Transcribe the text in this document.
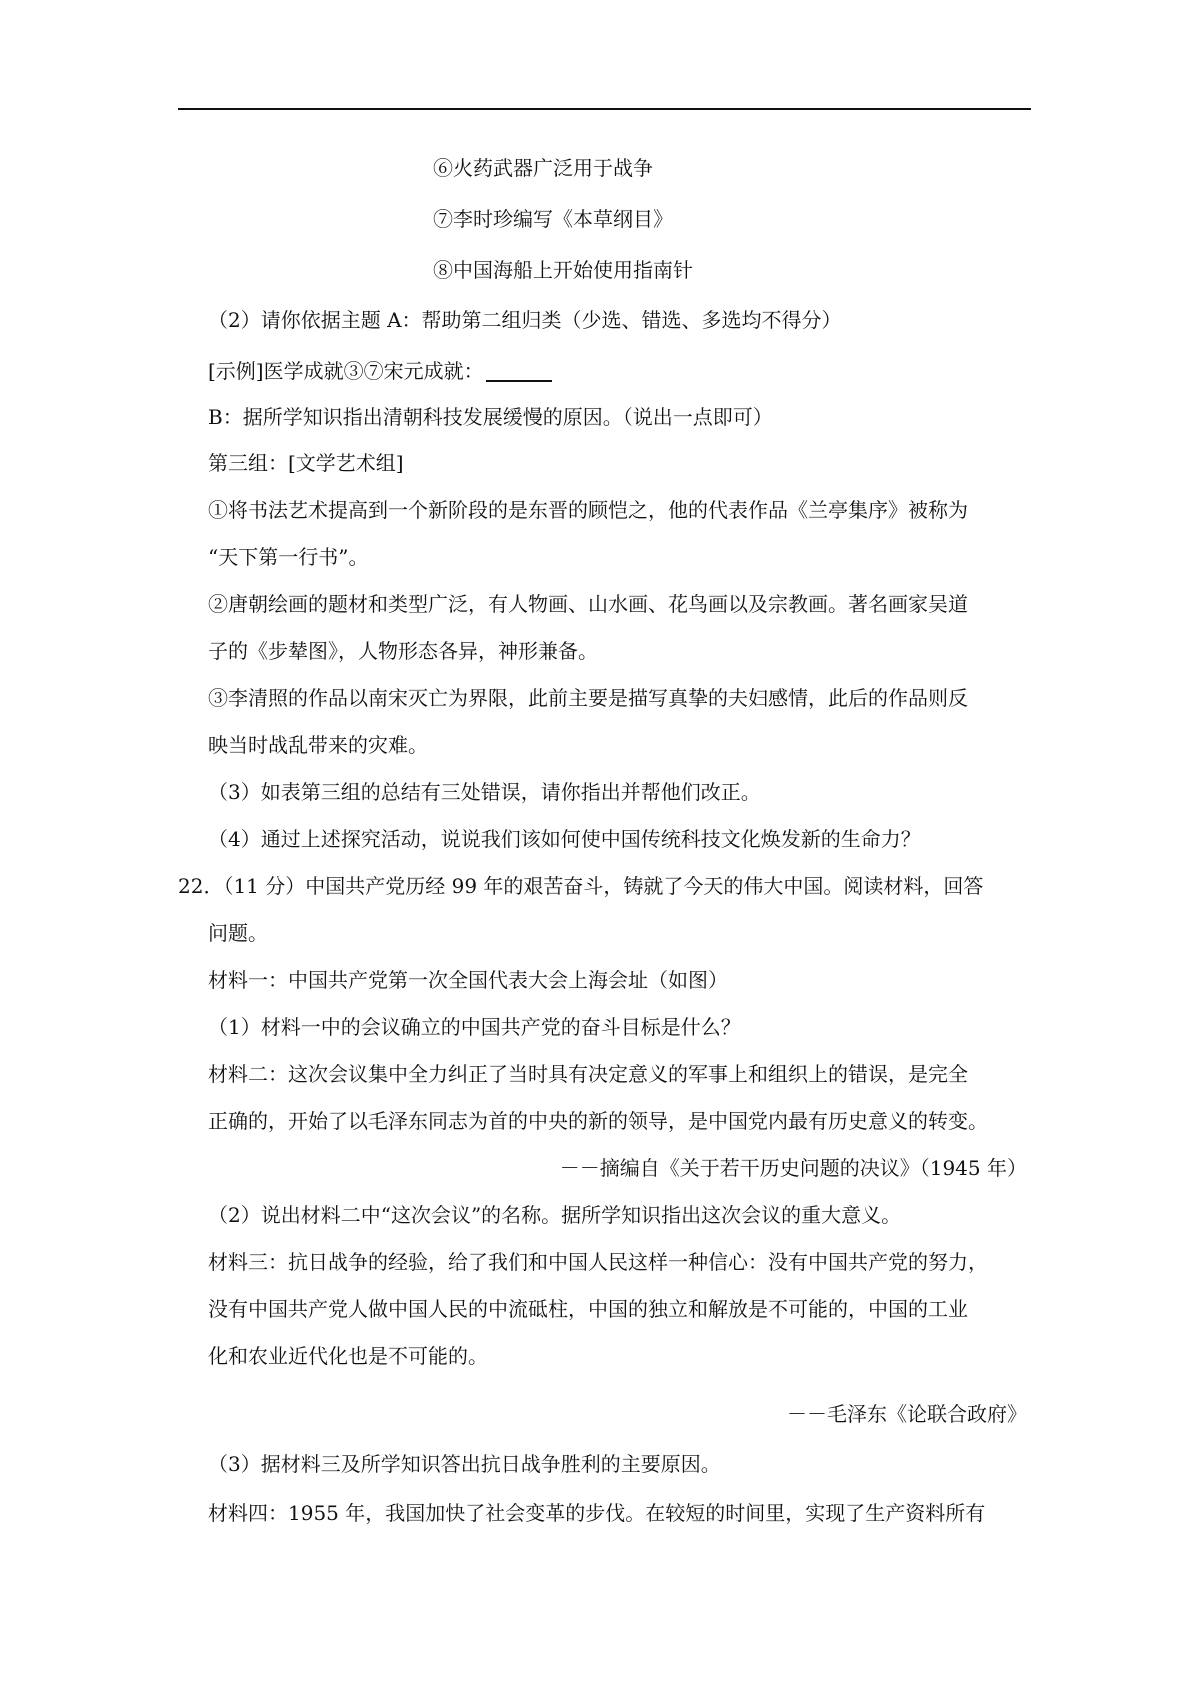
⑥火药武器广泛用于战争
⑦李时珍编写《本草纲目》
⑧中国海船上开始使用指南针
（2）请你依据主题 A：帮助第二组归类（少选、错选、多选均不得分）
[示例]医学成就③⑦宋元成就：
B：据所学知识指出清朝科技发展缓慢的原因。（说出一点即可）
第三组：[文学艺术组]
①将书法艺术提高到一个新阶段的是东晋的顾恺之，他的代表作品《兰亭集序》被称为
“天下第一行书”。
②唐朝绘画的题材和类型广泛，有人物画、山水画、花鸟画以及宗教画。著名画家吴道
子的《步辇图》，人物形态各异，神形兼备。
③李清照的作品以南宋灭亡为界限，此前主要是描写真挚的夫妇感情，此后的作品则反
映当时战乱带来的灾难。
（3）如表第三组的总结有三处错误，请你指出并帮他们改正。
（4）通过上述探究活动，说说我们该如何使中国传统科技文化焕发新的生命力？
22．（11 分）中国共产党历经 99 年的艰苦奋斗，铸就了今天的伟大中国。阅读材料，回答
问题。
材料一：中国共产党第一次全国代表大会上海会址（如图）
（1）材料一中的会议确立的中国共产党的奋斗目标是什么？
材料二：这次会议集中全力纠正了当时具有决定意义的军事上和组织上的错误，是完全
正确的，开始了以毛泽东同志为首的中央的新的领导，是中国党内最有历史意义的转变。
－－摘编自《关于若干历史问题的决议》（1945 年）
（2）说出材料二中“这次会议”的名称。据所学知识指出这次会议的重大意义。
材料三：抗日战争的经验，给了我们和中国人民这样一种信心：没有中国共产党的努力，
没有中国共产党人做中国人民的中流砥柱，中国的独立和解放是不可能的，中国的工业
化和农业近代化也是不可能的。
－－毛泽东《论联合政府》
（3）据材料三及所学知识答出抗日战争胜利的主要原因。
材料四：1955 年，我国加快了社会变革的步伐。在较短的时间里，实现了生产资料所有
